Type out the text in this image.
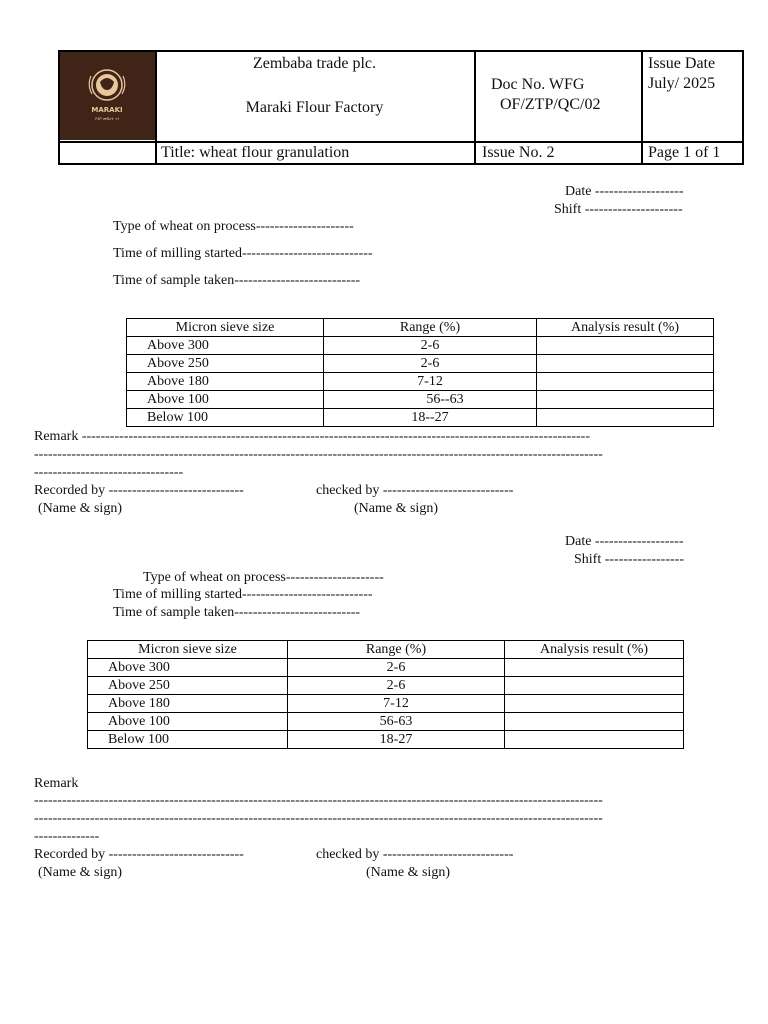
MARAKI
የዳቦ መሰረት ነን
Zembaba trade plc.
Maraki Flour Factory
Doc No. WFG
OF/ZTP/QC/02
Issue Date
July/ 2025
Title: wheat flour granulation	Issue No. 2	Page 1 of 1
Date -------------------
Shift ---------------------
Type of wheat on process---------------------
Time of milling started----------------------------
Time of sample taken---------------------------
Micron sieve size	Range (%)	Analysis result (%)
Above 300	2-6	
Above 250	2-6	
Above 180	7-12	
Above 100	56--63	
Below 100	18--27	
Remark -------------------------------------------------------------------------------------------------------------
--------------------------------------------------------------------------------------------------------------------------
--------------------------------
Recorded by -----------------------------	checked by ----------------------------
(Name & sign)	(Name & sign)
Date -------------------
Shift -----------------
Type of wheat on process---------------------
Time of milling started----------------------------
Time of sample taken---------------------------
Micron sieve size	Range (%)	Analysis result (%)
Above 300	2-6	
Above 250	2-6	
Above 180	7-12	
Above 100	56-63	
Below 100	18-27	
Remark
--------------------------------------------------------------------------------------------------------------------------
--------------------------------------------------------------------------------------------------------------------------
--------------
Recorded by -----------------------------	checked by ----------------------------
(Name & sign)	(Name & sign)
